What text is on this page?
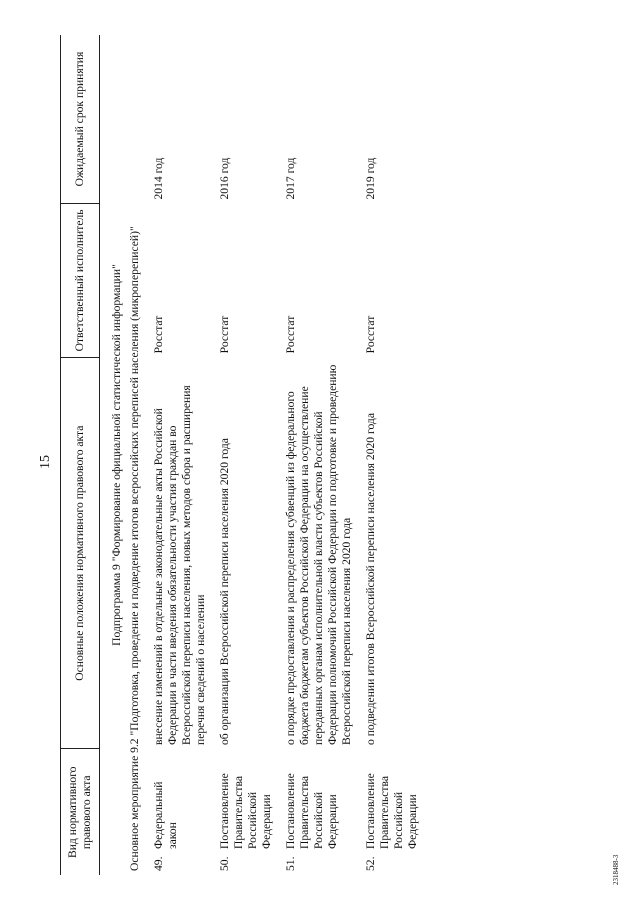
15
Вид нормативного правового акта	Основные положения нормативного правового акта	Ответственный исполнитель	Ожидаемый срок принятия
Подпрограмма 9 "Формирование официальной статистической информации"			
Основное мероприятие 9.2 "Подготовка, проведение и подведение итогов всероссийских переписей населения (микропереписей)"			

49.
Федеральный закон	внесение изменений в отдельные законодательные акты Российской Федерации в части введения обязательности участия граждан во Всероссийской переписи населения, новых методов сбора и расширения перечня сведений о населении	Росстат	2014 год

50.
Постановление Правительства Российской Федерации	об организации Всероссийской переписи населения 2020 года	Росстат	2016 год

51.
Постановление Правительства Российской Федерации	о порядке предоставления и распределения субвенций из федерального бюджета бюджетам субъектов Российской Федерации на осуществление переданных органам исполнительной власти субъектов Российской Федерации полномочий Российской Федерации по подготовке и проведению Всероссийской переписи населения 2020 года	Росстат	2017 год

52.
Постановление Правительства Российской Федерации	о подведении итогов Всероссийской переписи населения 2020 года	Росстат	2019 год
2318488-3
